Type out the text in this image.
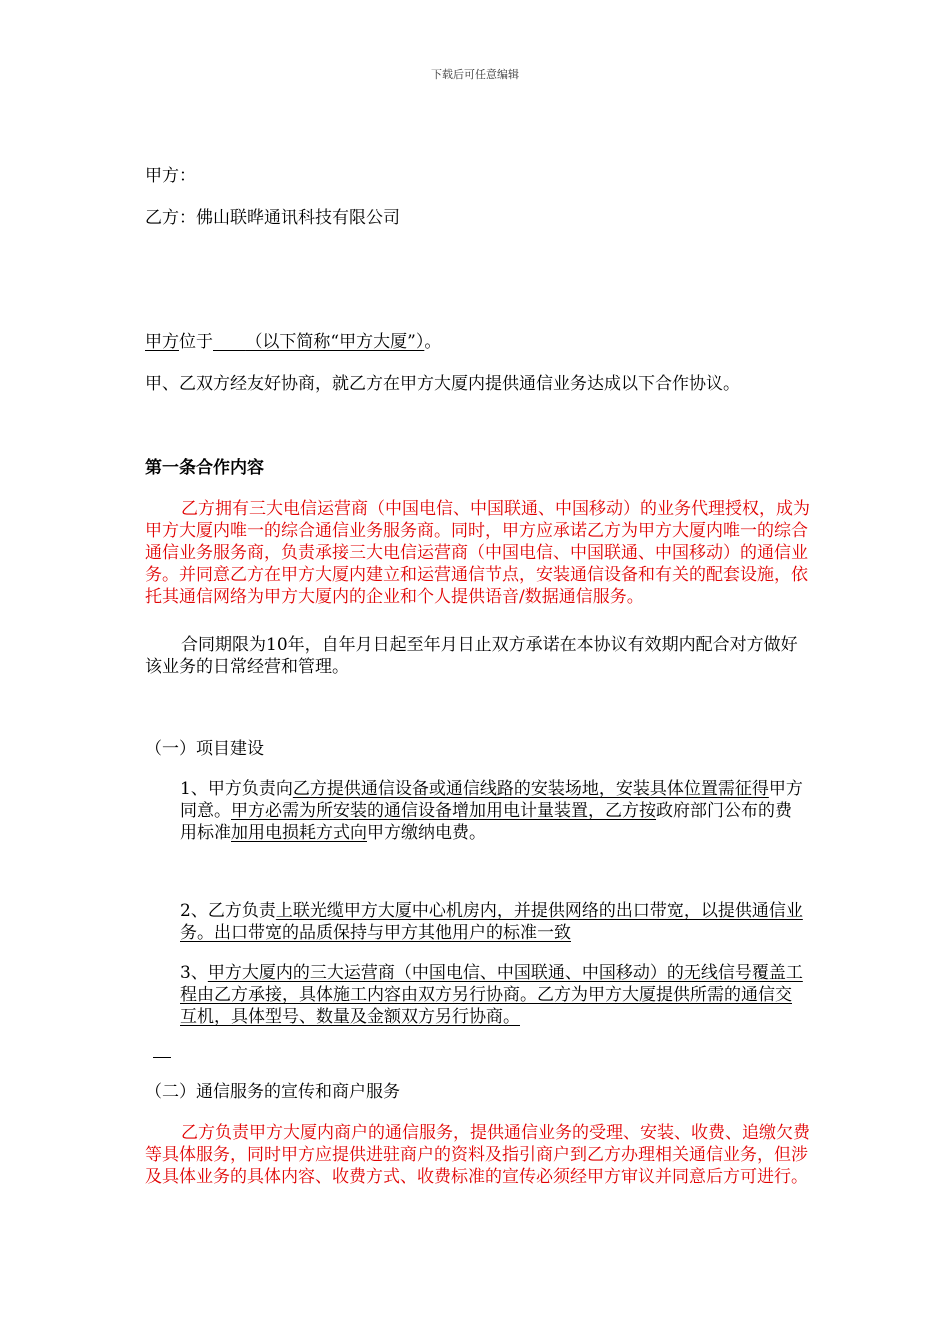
下载后可任意编辑
甲方：
乙方：佛山联晔通讯科技有限公司
甲方位于 （以下简称“甲方大厦”）。
甲、乙双方经友好协商，就乙方在甲方大厦内提供通信业务达成以下合作协议。
第一条合作内容
乙方拥有三大电信运营商（中国电信、中国联通、中国移动）的业务代理授权，成为甲方大厦内唯一的综合通信业务服务商。同时，甲方应承诺乙方为甲方大厦内唯一的综合通信业务服务商，负责承接三大电信运营商（中国电信、中国联通、中国移动）的通信业务。并同意乙方在甲方大厦内建立和运营通信节点，安装通信设备和有关的配套设施，依托其通信网络为甲方大厦内的企业和个人提供语音/数据通信服务。
合同期限为10年，自年月日起至年月日止双方承诺在本协议有效期内配合对方做好该业务的日常经营和管理。
（一）项目建设
1、甲方负责向乙方提供通信设备或通信线路的安装场地，安装具体位置需征得甲方同意。甲方必需为所安装的通信设备增加用电计量装置，乙方按政府部门公布的费用标准加用电损耗方式向甲方缴纳电费。
2、乙方负责上联光缆甲方大厦中心机房内，并提供网络的出口带宽，以提供通信业务。出口带宽的品质保持与甲方其他用户的标准一致
3、甲方大厦内的三大运营商（中国电信、中国联通、中国移动）的无线信号覆盖工程由乙方承接，具体施工内容由双方另行协商。乙方为甲方大厦提供所需的通信交互机，具体型号、数量及金额双方另行协商。
（二）通信服务的宣传和商户服务
乙方负责甲方大厦内商户的通信服务，提供通信业务的受理、安装、收费、追缴欠费等具体服务，同时甲方应提供进驻商户的资料及指引商户到乙方办理相关通信业务，但涉及具体业务的具体内容、收费方式、收费标准的宣传必须经甲方审议并同意后方可进行。
